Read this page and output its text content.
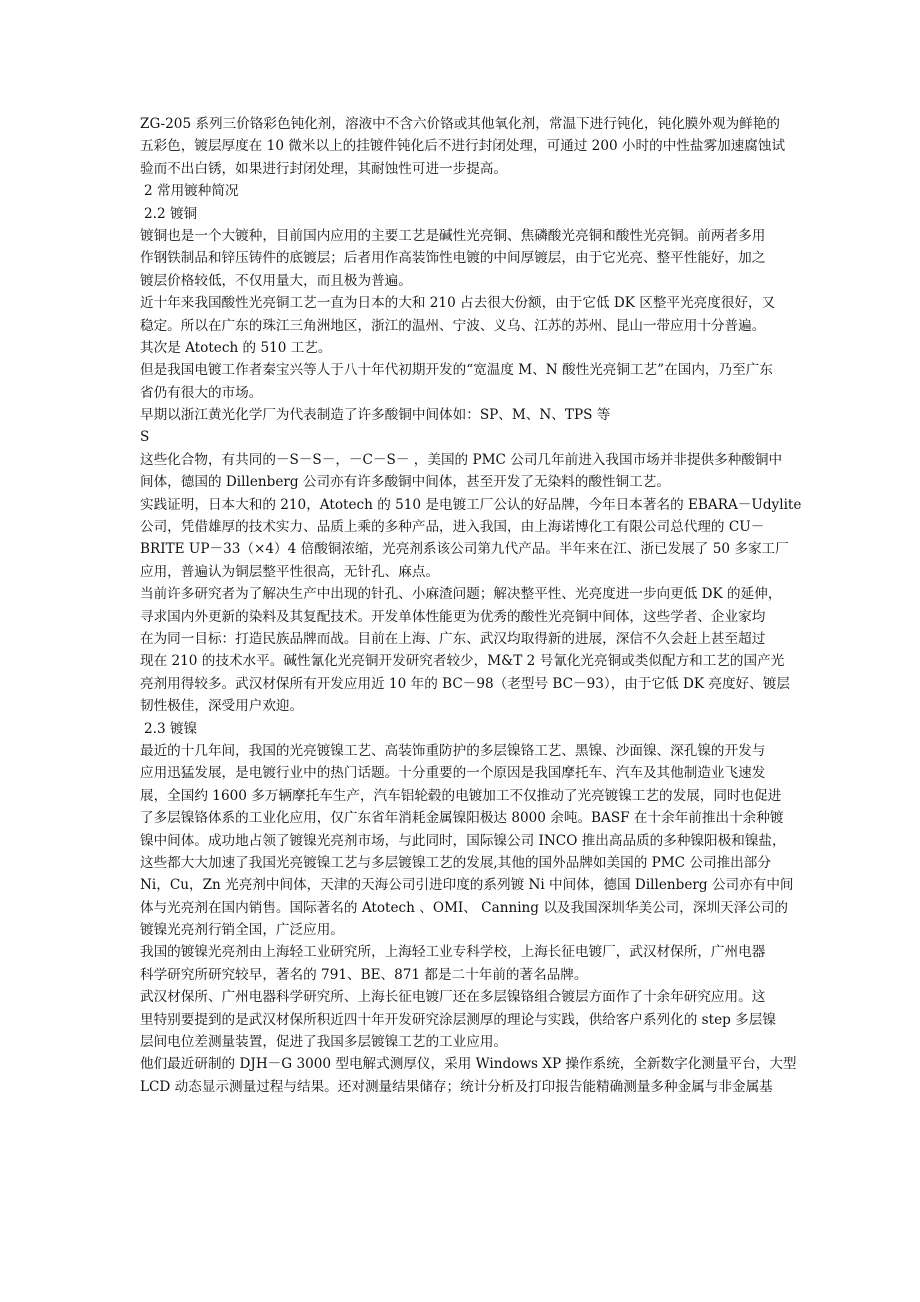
ZG-205 系列三价铬彩色钝化剂，溶液中不含六价铬或其他氧化剂，常温下进行钝化，钝化膜外观为鲜艳的
五彩色，镀层厚度在 10 微米以上的挂镀件钝化后不进行封闭处理，可通过 200 小时的中性盐雾加速腐蚀试
验而不出白锈，如果进行封闭处理，其耐蚀性可进一步提高。
2 常用镀种简况
2.2 镀铜
镀铜也是一个大镀种，目前国内应用的主要工艺是碱性光亮铜、焦磷酸光亮铜和酸性光亮铜。前两者多用
作钢铁制品和锌压铸件的底镀层；后者用作高装饰性电镀的中间厚镀层，由于它光亮、整平性能好，加之
镀层价格较低，不仅用量大，而且极为普遍。
近十年来我国酸性光亮铜工艺一直为日本的大和 210 占去很大份额，由于它低 DK 区整平光亮度很好，又
稳定。所以在广东的珠江三角洲地区，浙江的温州、宁波、义乌、江苏的苏州、昆山一带应用十分普遍。
其次是 Atotech 的 510 工艺。
但是我国电镀工作者秦宝兴等人于八十年代初期开发的“宽温度 M、N 酸性光亮铜工艺”在国内，乃至广东
省仍有很大的市场。
早期以浙江黄光化学厂为代表制造了许多酸铜中间体如：SP、M、N、TPS 等
S
这些化合物，有共同的－S－S－，－C－S－ ，美国的 PMC 公司几年前进入我国市场并非提供多种酸铜中
间体，德国的 Dillenberg 公司亦有许多酸铜中间体，甚至开发了无染料的酸性铜工艺。
实践证明，日本大和的 210，Atotech 的 510 是电镀工厂公认的好品牌，今年日本著名的 EBARA－Udylite
公司，凭借雄厚的技术实力、品质上乘的多种产品，进入我国，由上海诺博化工有限公司总代理的 CU－
BRITE UP－33（×4）4 倍酸铜浓缩，光亮剂系该公司第九代产品。半年来在江、浙已发展了 50 多家工厂
应用，普遍认为铜层整平性很高，无针孔、麻点。
当前许多研究者为了解决生产中出现的针孔、小麻渣问题；解决整平性、光亮度进一步向更低 DK 的延伸，
寻求国内外更新的染料及其复配技术。开发单体性能更为优秀的酸性光亮铜中间体，这些学者、企业家均
在为同一目标：打造民族品牌而战。目前在上海、广东、武汉均取得新的进展，深信不久会赶上甚至超过
现在 210 的技术水平。碱性氰化光亮铜开发研究者较少，M&T 2 号氰化光亮铜或类似配方和工艺的国产光
亮剂用得较多。武汉材保所有开发应用近 10 年的 BC－98（老型号 BC－93），由于它低 DK 亮度好、镀层
韧性极佳，深受用户欢迎。
2.3 镀镍
最近的十几年间，我国的光亮镀镍工艺、高装饰重防护的多层镍铬工艺、黑镍、沙面镍、深孔镍的开发与
应用迅猛发展，是电镀行业中的热门话题。十分重要的一个原因是我国摩托车、汽车及其他制造业飞速发
展，全国约 1600 多万辆摩托车生产，汽车铝轮毂的电镀加工不仅推动了光亮镀镍工艺的发展，同时也促进
了多层镍铬体系的工业化应用，仅广东省年消耗金属镍阳极达 8000 余吨。BASF 在十余年前推出十余种镀
镍中间体。成功地占领了镀镍光亮剂市场，与此同时，国际镍公司 INCO 推出高品质的多种镍阳极和镍盐，
这些都大大加速了我国光亮镀镍工艺与多层镀镍工艺的发展,其他的国外品牌如美国的 PMC 公司推出部分
Ni，Cu，Zn 光亮剂中间体，天津的天海公司引进印度的系列镀 Ni 中间体，德国 Dillenberg 公司亦有中间
体与光亮剂在国内销售。国际著名的 Atotech 、OMI、 Canning 以及我国深圳华美公司，深圳天泽公司的
镀镍光亮剂行销全国，广泛应用。
我国的镀镍光亮剂由上海轻工业研究所，上海轻工业专科学校，上海长征电镀厂，武汉材保所，广州电器
科学研究所研究较早，著名的 791、BE、871 都是二十年前的著名品牌。
武汉材保所、广州电器科学研究所、上海长征电镀厂还在多层镍铬组合镀层方面作了十余年研究应用。这
里特别要提到的是武汉材保所积近四十年开发研究涂层测厚的理论与实践，供给客户系列化的 step 多层镍
层间电位差测量装置，促进了我国多层镀镍工艺的工业应用。
他们最近研制的 DJH－G 3000 型电解式测厚仪，采用 Windows XP 操作系统，全新数字化测量平台，大型
LCD 动态显示测量过程与结果。还对测量结果储存；统计分析及打印报告能精确测量多种金属与非金属基
